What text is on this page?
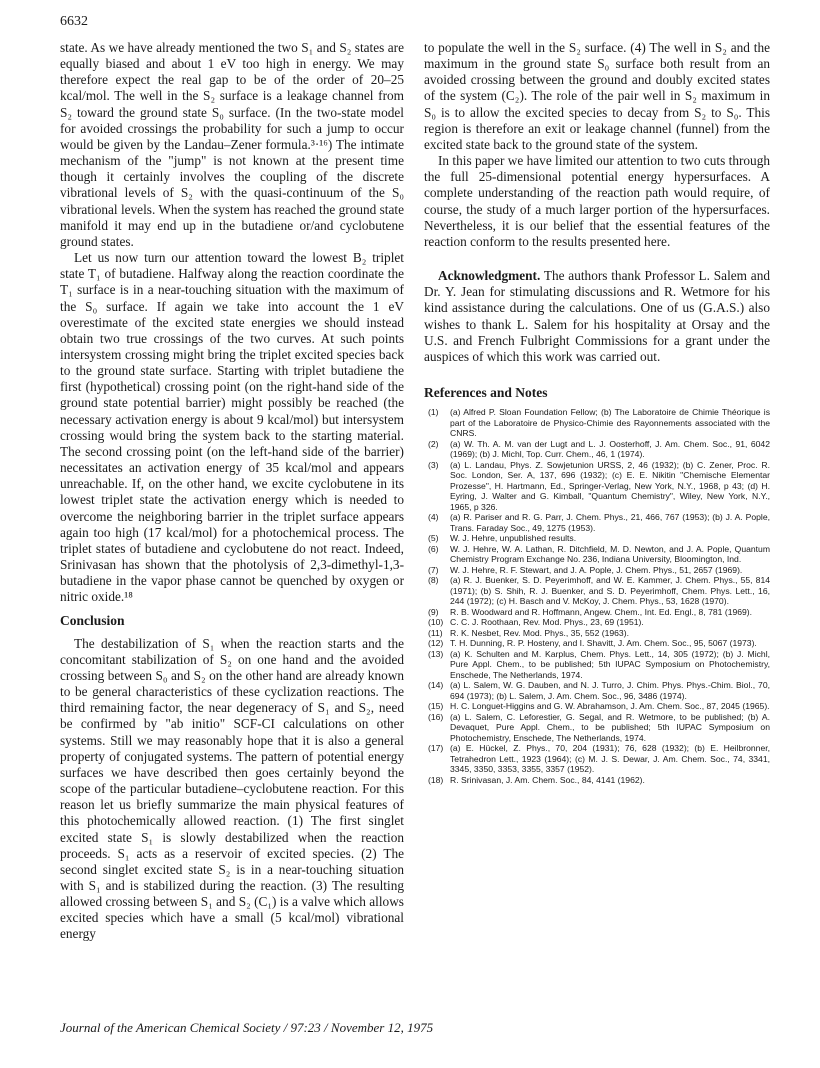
6632

state. As we have already mentioned the two S₁ and S₂ states are equally biased and about 1 eV too high in energy. We may therefore expect the real gap to be of the order of 20–25 kcal/mol. The well in the S₂ surface is a leakage channel from S₂ toward the ground state S₀ surface. (In the two-state model for avoided crossings the probability for such a jump to occur would be given by the Landau–Zener formula.³·¹⁶) The intimate mechanism of the "jump" is not known at the present time though it certainly involves the coupling of the discrete vibrational levels of S₂ with the quasi-continuum of the S₀ vibrational levels. When the system has reached the ground state manifold it may end up in the butadiene or/and cyclobutene ground states.

Let us now turn our attention toward the lowest B₂ triplet state T₁ of butadiene. Halfway along the reaction coordinate the T₁ surface is in a near-touching situation with the maximum of the S₀ surface. If again we take into account the 1 eV overestimate of the excited state energies we should instead obtain two true crossings of the two curves. At such points intersystem crossing might bring the triplet excited species back to the ground state surface. Starting with triplet butadiene the first (hypothetical) crossing point (on the right-hand side of the ground state potential barrier) might possibly be reached (the necessary activation energy is about 9 kcal/mol) but intersystem crossing would bring the system back to the starting material. The second crossing point (on the left-hand side of the barrier) necessitates an activation energy of 35 kcal/mol and appears unreachable. If, on the other hand, we excite cyclobutene in its lowest triplet state the activation energy which is needed to overcome the neighboring barrier in the triplet surface appears again too high (17 kcal/mol) for a photochemical process. The triplet states of butadiene and cyclobutene do not react. Indeed, Srinivasan has shown that the photolysis of 2,3-dimethyl-1,3-butadiene in the vapor phase cannot be quenched by oxygen or nitric oxide.¹⁸

Conclusion

The destabilization of S₁ when the reaction starts and the concomitant stabilization of S₂ on one hand and the avoided crossing between S₀ and S₂ on the other hand are already known to be general characteristics of these cyclization reactions. The third remaining factor, the near degeneracy of S₁ and S₂, need be confirmed by "ab initio" SCF-CI calculations on other systems. Still we may reasonably hope that it is also a general property of conjugated systems. The pattern of potential energy surfaces we have described then goes certainly beyond the scope of the particular butadiene–cyclobutene reaction. For this reason let us briefly summarize the main physical features of this photochemically allowed reaction. (1) The first singlet excited state S₁ is slowly destabilized when the reaction proceeds. S₁ acts as a reservoir of excited species. (2) The second singlet excited state S₂ is in a near-touching situation with S₁ and is stabilized during the reaction. (3) The resulting allowed crossing between S₁ and S₂ (C₁) is a valve which allows excited species which have a small (5 kcal/mol) vibrational energy

to populate the well in the S₂ surface. (4) The well in S₂ and the maximum in the ground state S₀ surface both result from an avoided crossing between the ground and doubly excited states of the system (C₂). The role of the pair well in S₂ maximum in S₀ is to allow the excited species to decay from S₂ to S₀. This region is therefore an exit or leakage channel (funnel) from the excited state back to the ground state of the system.

In this paper we have limited our attention to two cuts through the full 25-dimensional potential energy hypersurfaces. A complete understanding of the reaction path would require, of course, the study of a much larger portion of the hypersurfaces. Nevertheless, it is our belief that the essential features of the reaction conform to the results presented here.

Acknowledgment. The authors thank Professor L. Salem and Dr. Y. Jean for stimulating discussions and R. Wetmore for his kind assistance during the calculations. One of us (G.A.S.) also wishes to thank L. Salem for his hospitality at Orsay and the U.S. and French Fulbright Commissions for a grant under the auspices of which this work was carried out.

References and Notes
(1) (a) Alfred P. Sloan Foundation Fellow; (b) The Laboratoire de Chimie Théorique is part of the Laboratoire de Physico-Chimie des Rayonnements associated with the CNRS.
(2) (a) W. Th. A. M. van der Lugt and L. J. Oosterhoff, J. Am. Chem. Soc., 91, 6042 (1969); (b) J. Michl, Top. Curr. Chem., 46, 1 (1974).
(3) (a) L. Landau, Phys. Z. Sowjetunion URSS, 2, 46 (1932); (b) C. Zener, Proc. R. Soc. London, Ser. A, 137, 696 (1932); (c) E. E. Nikitin "Chemische Elementar Prozesse", H. Hartmann, Ed., Springer-Verlag, New York, N.Y., 1968, p 43; (d) H. Eyring, J. Walter and G. Kimball, "Quantum Chemistry", Wiley, New York, N.Y., 1965, p 326.
(4) (a) R. Pariser and R. G. Parr, J. Chem. Phys., 21, 466, 767 (1953); (b) J. A. Pople, Trans. Faraday Soc., 49, 1275 (1953).
(5) W. J. Hehre, unpublished results.
(6) W. J. Hehre, W. A. Lathan, R. Ditchfield, M. D. Newton, and J. A. Pople, Quantum Chemistry Program Exchange No. 236, Indiana University, Bloomington, Ind.
(7) W. J. Hehre, R. F. Stewart, and J. A. Pople, J. Chem. Phys., 51, 2657 (1969).
(8) (a) R. J. Buenker, S. D. Peyerimhoff, and W. E. Kammer, J. Chem. Phys., 55, 814 (1971); (b) S. Shih, R. J. Buenker, and S. D. Peyerimhoff, Chem. Phys. Lett., 16, 244 (1972); (c) H. Basch and V. McKoy, J. Chem. Phys., 53, 1628 (1970).
(9) R. B. Woodward and R. Hoffmann, Angew. Chem., Int. Ed. Engl., 8, 781 (1969).
(10) C. C. J. Roothaan, Rev. Mod. Phys., 23, 69 (1951).
(11) R. K. Nesbet, Rev. Mod. Phys., 35, 552 (1963).
(12) T. H. Dunning, R. P. Hosteny, and I. Shavitt, J. Am. Chem. Soc., 95, 5067 (1973).
(13) (a) K. Schulten and M. Karplus, Chem. Phys. Lett., 14, 305 (1972); (b) J. Michl, Pure Appl. Chem., to be published; 5th IUPAC Symposium on Photochemistry, Enschede, The Netherlands, 1974.
(14) (a) L. Salem, W. G. Dauben, and N. J. Turro, J. Chim. Phys. Phys.-Chim. Biol., 70, 694 (1973); (b) L. Salem, J. Am. Chem. Soc., 96, 3486 (1974).
(15) H. C. Longuet-Higgins and G. W. Abrahamson, J. Am. Chem. Soc., 87, 2045 (1965).
(16) (a) L. Salem, C. Leforestier, G. Segal, and R. Wetmore, to be published; (b) A. Devaquet, Pure Appl. Chem., to be published; 5th IUPAC Symposium on Photochemistry, Enschede, The Netherlands, 1974.
(17) (a) E. Hückel, Z. Phys., 70, 204 (1931); 76, 628 (1932); (b) E. Heilbronner, Tetrahedron Lett., 1923 (1964); (c) M. J. S. Dewar, J. Am. Chem. Soc., 74, 3341, 3345, 3350, 3353, 3355, 3357 (1952).
(18) R. Srinivasan, J. Am. Chem. Soc., 84, 4141 (1962).
Journal of the American Chemical Society / 97:23 / November 12, 1975
